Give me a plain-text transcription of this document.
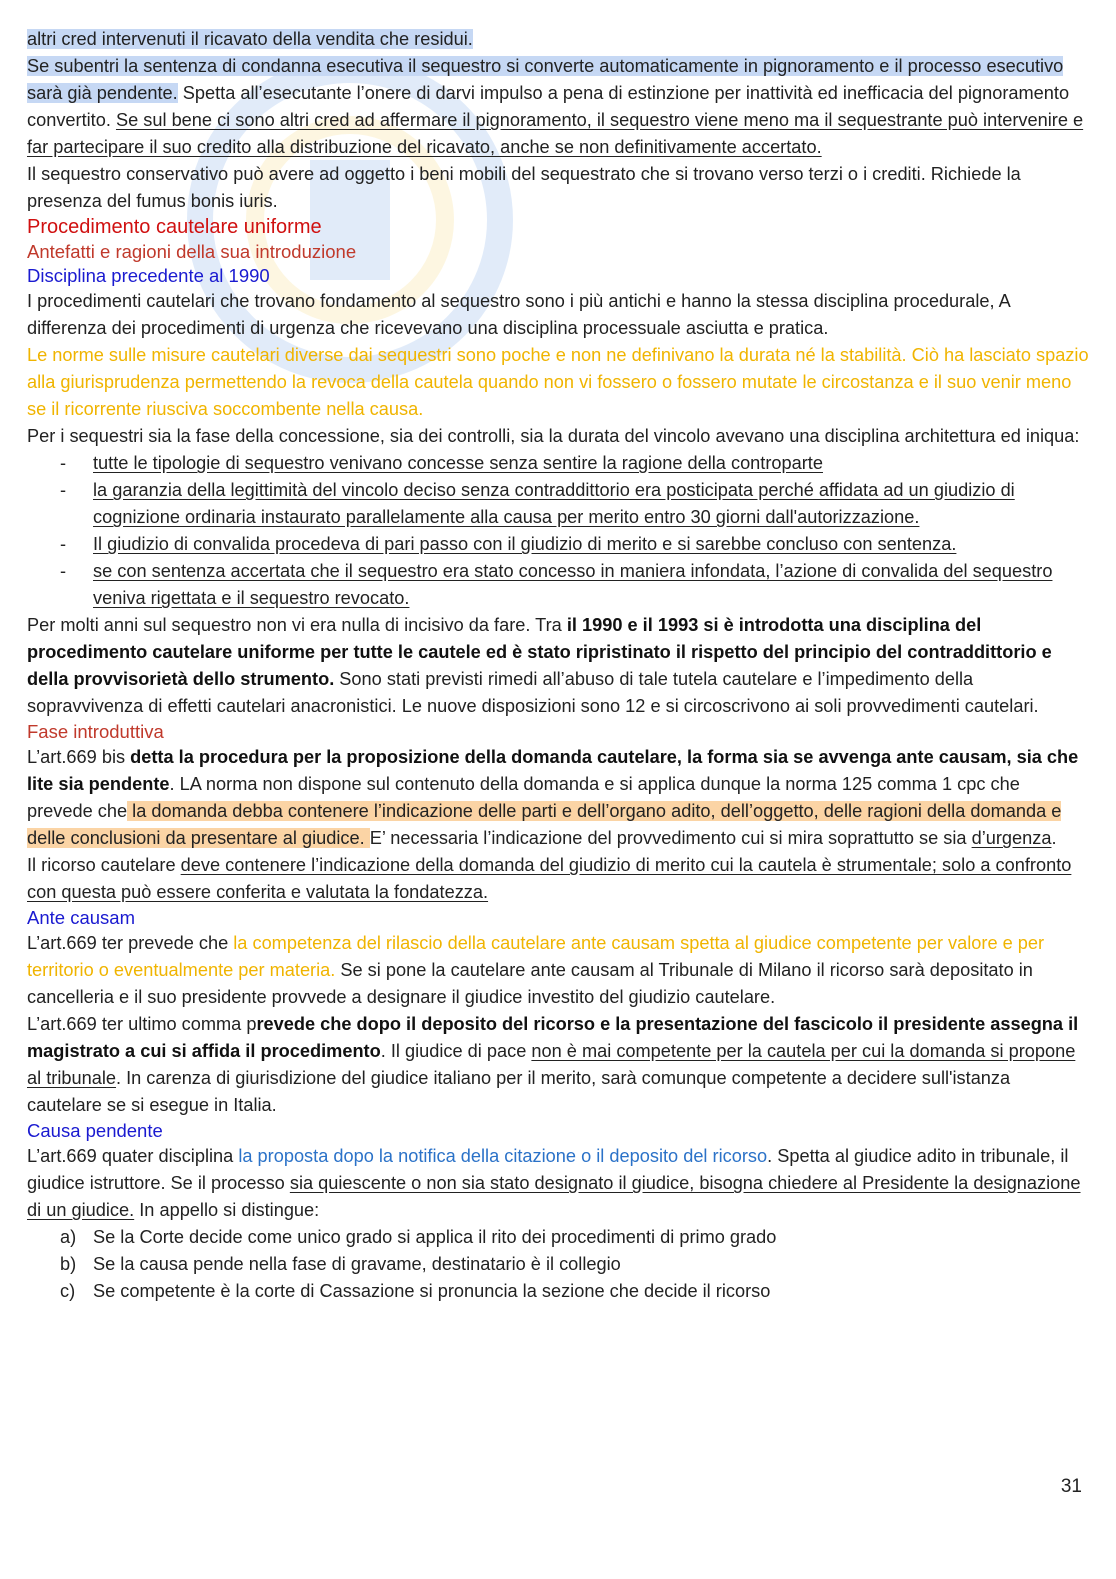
altri cred intervenuti il ricavato della vendita che residui.

Se subentri la sentenza di condanna esecutiva il sequestro si converte automaticamente in pignoramento e il processo esecutivo sarà già pendente. Spetta all’esecutante l’onere di darvi impulso a pena di estinzione per inattività ed inefficacia del pignoramento convertito. Se sul bene ci sono altri cred ad affermare il pignoramento, il sequestro viene meno ma il sequestrante può intervenire e far partecipare il suo credito alla distribuzione del ricavato, anche se non definitivamente accertato.

Il sequestro conservativo può avere ad oggetto i beni mobili del sequestrato che si trovano verso terzi o i crediti. Richiede la presenza del fumus bonis iuris.

Procedimento cautelare uniforme
Antefatti e ragioni della sua introduzione
Disciplina precedente al 1990

I procedimenti cautelari che trovano fondamento al sequestro sono i più antichi e hanno la stessa disciplina procedurale, A differenza dei procedimenti di urgenza che ricevevano una disciplina processuale asciutta e pratica.

Le norme sulle misure cautelari diverse dai sequestri sono poche e non ne definivano la durata né la stabilità. Ciò ha lasciato spazio alla giurisprudenza permettendo la revoca della cautela quando non vi fossero o fossero mutate le circostanza e il suo venir meno se il ricorrente riusciva soccombente nella causa.

Per i sequestri sia la fase della concessione, sia dei controlli, sia la durata del vincolo avevano una disciplina architettura ed iniqua:

- tutte le tipologie di sequestro venivano concesse senza sentire la ragione della controparte
- la garanzia della legittimità del vincolo deciso senza contraddittorio era posticipata perché affidata ad un giudizio di cognizione ordinaria instaurato parallelamente alla causa per merito entro 30 giorni dall'autorizzazione.
- Il giudizio di convalida procedeva di pari passo con il giudizio di merito e si sarebbe concluso con sentenza.
- se con sentenza accertata che il sequestro era stato concesso in maniera infondata, l’azione di convalida del sequestro veniva rigettata e il sequestro revocato.

Per molti anni sul sequestro non vi era nulla di incisivo da fare. Tra il 1990 e il 1993 si è introdotta una disciplina del procedimento cautelare uniforme per tutte le cautele ed è stato ripristinato il rispetto del principio del contraddittorio e della provvisorietà dello strumento. Sono stati previsti rimedi all’abuso di tale tutela cautelare e l’impedimento della sopravvivenza di effetti cautelari anacronistici. Le nuove disposizioni sono 12 e si circoscrivono ai soli provvedimenti cautelari.

Fase introduttiva

L’art.669 bis detta la procedura per la proposizione della domanda cautelare, la forma sia se avvenga ante causam, sia che lite sia pendente. LA norma non dispone sul contenuto della domanda e si applica dunque la norma 125 comma 1 cpc che prevede che la domanda debba contenere l’indicazione delle parti e dell’organo adito, dell’oggetto, delle ragioni della domanda e delle conclusioni da presentare al giudice. E’ necessaria l’indicazione del provvedimento cui si mira soprattutto se sia d’urgenza.

Il ricorso cautelare deve contenere l’indicazione della domanda del giudizio di merito cui la cautela è strumentale; solo a confronto con questa può essere conferita e valutata la fondatezza.

Ante causam

L’art.669 ter prevede che la competenza del rilascio della cautelare ante causam spetta al giudice competente per valore e per territorio o eventualmente per materia. Se si pone la cautelare ante causam al Tribunale di Milano il ricorso sarà depositato in cancelleria e il suo presidente provvede a designare il giudice investito del giudizio cautelare.

L’art.669 ter ultimo comma prevede che dopo il deposito del ricorso e la presentazione del fascicolo il presidente assegna il magistrato a cui si affida il procedimento. Il giudice di pace non è mai competente per la cautela per cui la domanda si propone al tribunale. In carenza di giurisdizione del giudice italiano per il merito, sarà comunque competente a decidere sull'istanza cautelare se si esegue in Italia.

Causa pendente

L’art.669 quater disciplina la proposta dopo la notifica della citazione o il deposito del ricorso. Spetta al giudice adito in tribunale, il giudice istruttore. Se il processo sia quiescente o non sia stato designato il giudice, bisogna chiedere al Presidente la designazione di un giudice. In appello si distingue:

a) Se la Corte decide come unico grado si applica il rito dei procedimenti di primo grado
b) Se la causa pende nella fase di gravame, destinatario è il collegio
c) Se competente è la corte di Cassazione si pronuncia la sezione che decide il ricorso
31
